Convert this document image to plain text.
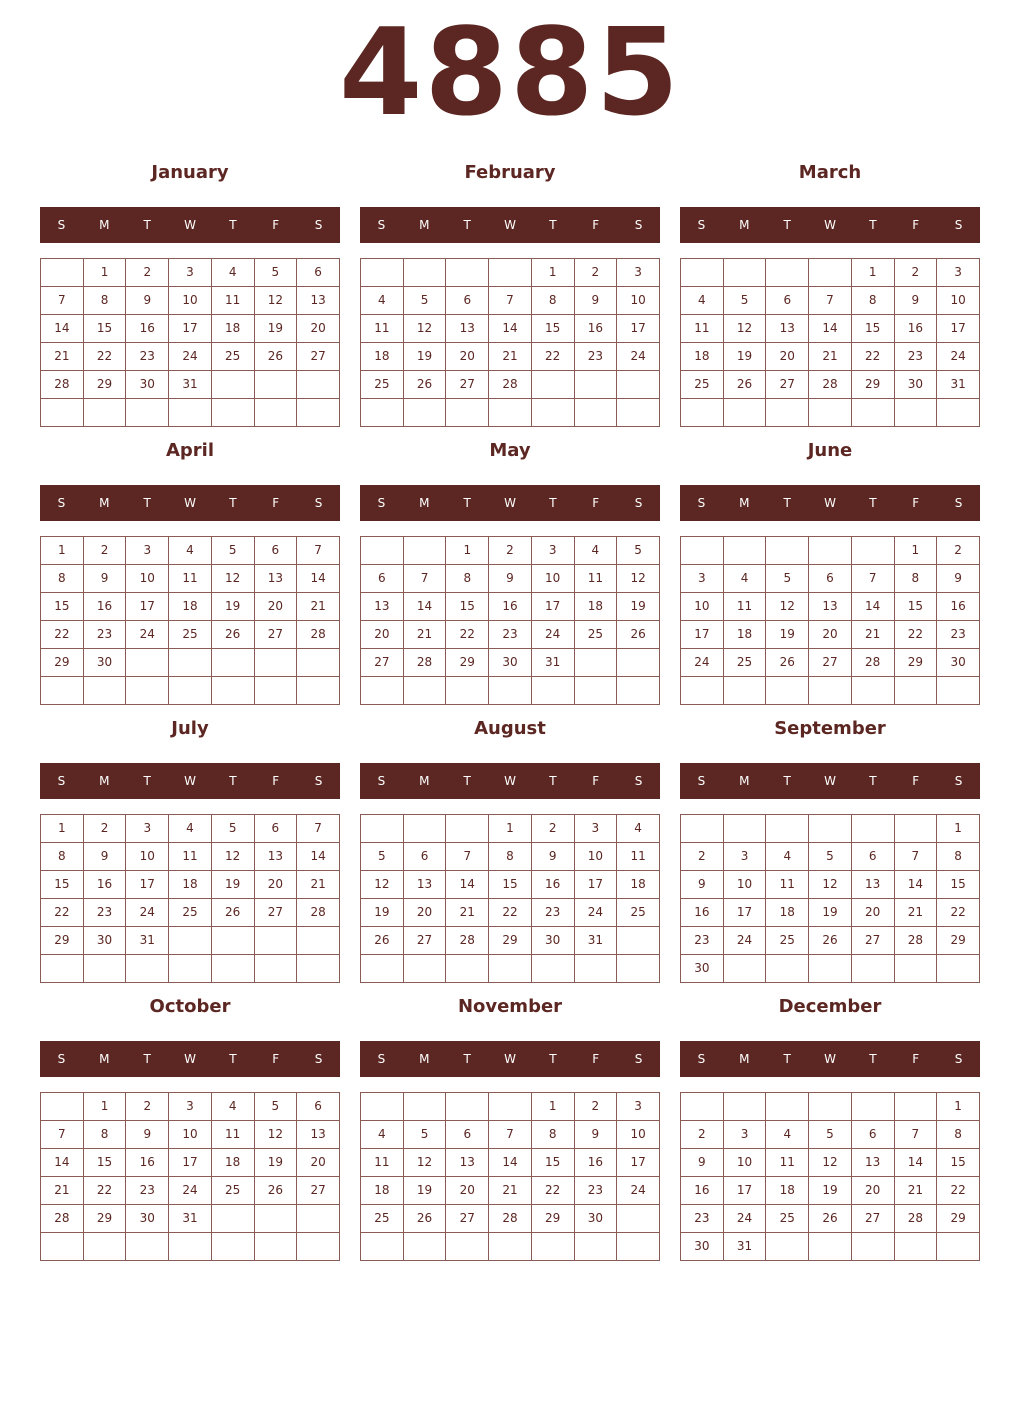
4885
January
S	M	T	W	T	F	S
	1	2	3	4	5	6
7	8	9	10	11	12	13
14	15	16	17	18	19	20
21	22	23	24	25	26	27
28	29	30	31			

February
S	M	T	W	T	F	S
				1	2	3
4	5	6	7	8	9	10
11	12	13	14	15	16	17
18	19	20	21	22	23	24
25	26	27	28			

March
S	M	T	W	T	F	S
				1	2	3
4	5	6	7	8	9	10
11	12	13	14	15	16	17
18	19	20	21	22	23	24
25	26	27	28	29	30	31

April
S	M	T	W	T	F	S
1	2	3	4	5	6	7
8	9	10	11	12	13	14
15	16	17	18	19	20	21
22	23	24	25	26	27	28
29	30					

May
S	M	T	W	T	F	S
		1	2	3	4	5
6	7	8	9	10	11	12
13	14	15	16	17	18	19
20	21	22	23	24	25	26
27	28	29	30	31		

June
S	M	T	W	T	F	S
					1	2
3	4	5	6	7	8	9
10	11	12	13	14	15	16
17	18	19	20	21	22	23
24	25	26	27	28	29	30

July
S	M	T	W	T	F	S
1	2	3	4	5	6	7
8	9	10	11	12	13	14
15	16	17	18	19	20	21
22	23	24	25	26	27	28
29	30	31				

August
S	M	T	W	T	F	S
			1	2	3	4
5	6	7	8	9	10	11
12	13	14	15	16	17	18
19	20	21	22	23	24	25
26	27	28	29	30	31	

September
S	M	T	W	T	F	S
						1
2	3	4	5	6	7	8
9	10	11	12	13	14	15
16	17	18	19	20	21	22
23	24	25	26	27	28	29
30						
October
S	M	T	W	T	F	S
	1	2	3	4	5	6
7	8	9	10	11	12	13
14	15	16	17	18	19	20
21	22	23	24	25	26	27
28	29	30	31			

November
S	M	T	W	T	F	S
				1	2	3
4	5	6	7	8	9	10
11	12	13	14	15	16	17
18	19	20	21	22	23	24
25	26	27	28	29	30	

December
S	M	T	W	T	F	S
						1
2	3	4	5	6	7	8
9	10	11	12	13	14	15
16	17	18	19	20	21	22
23	24	25	26	27	28	29
30	31					
